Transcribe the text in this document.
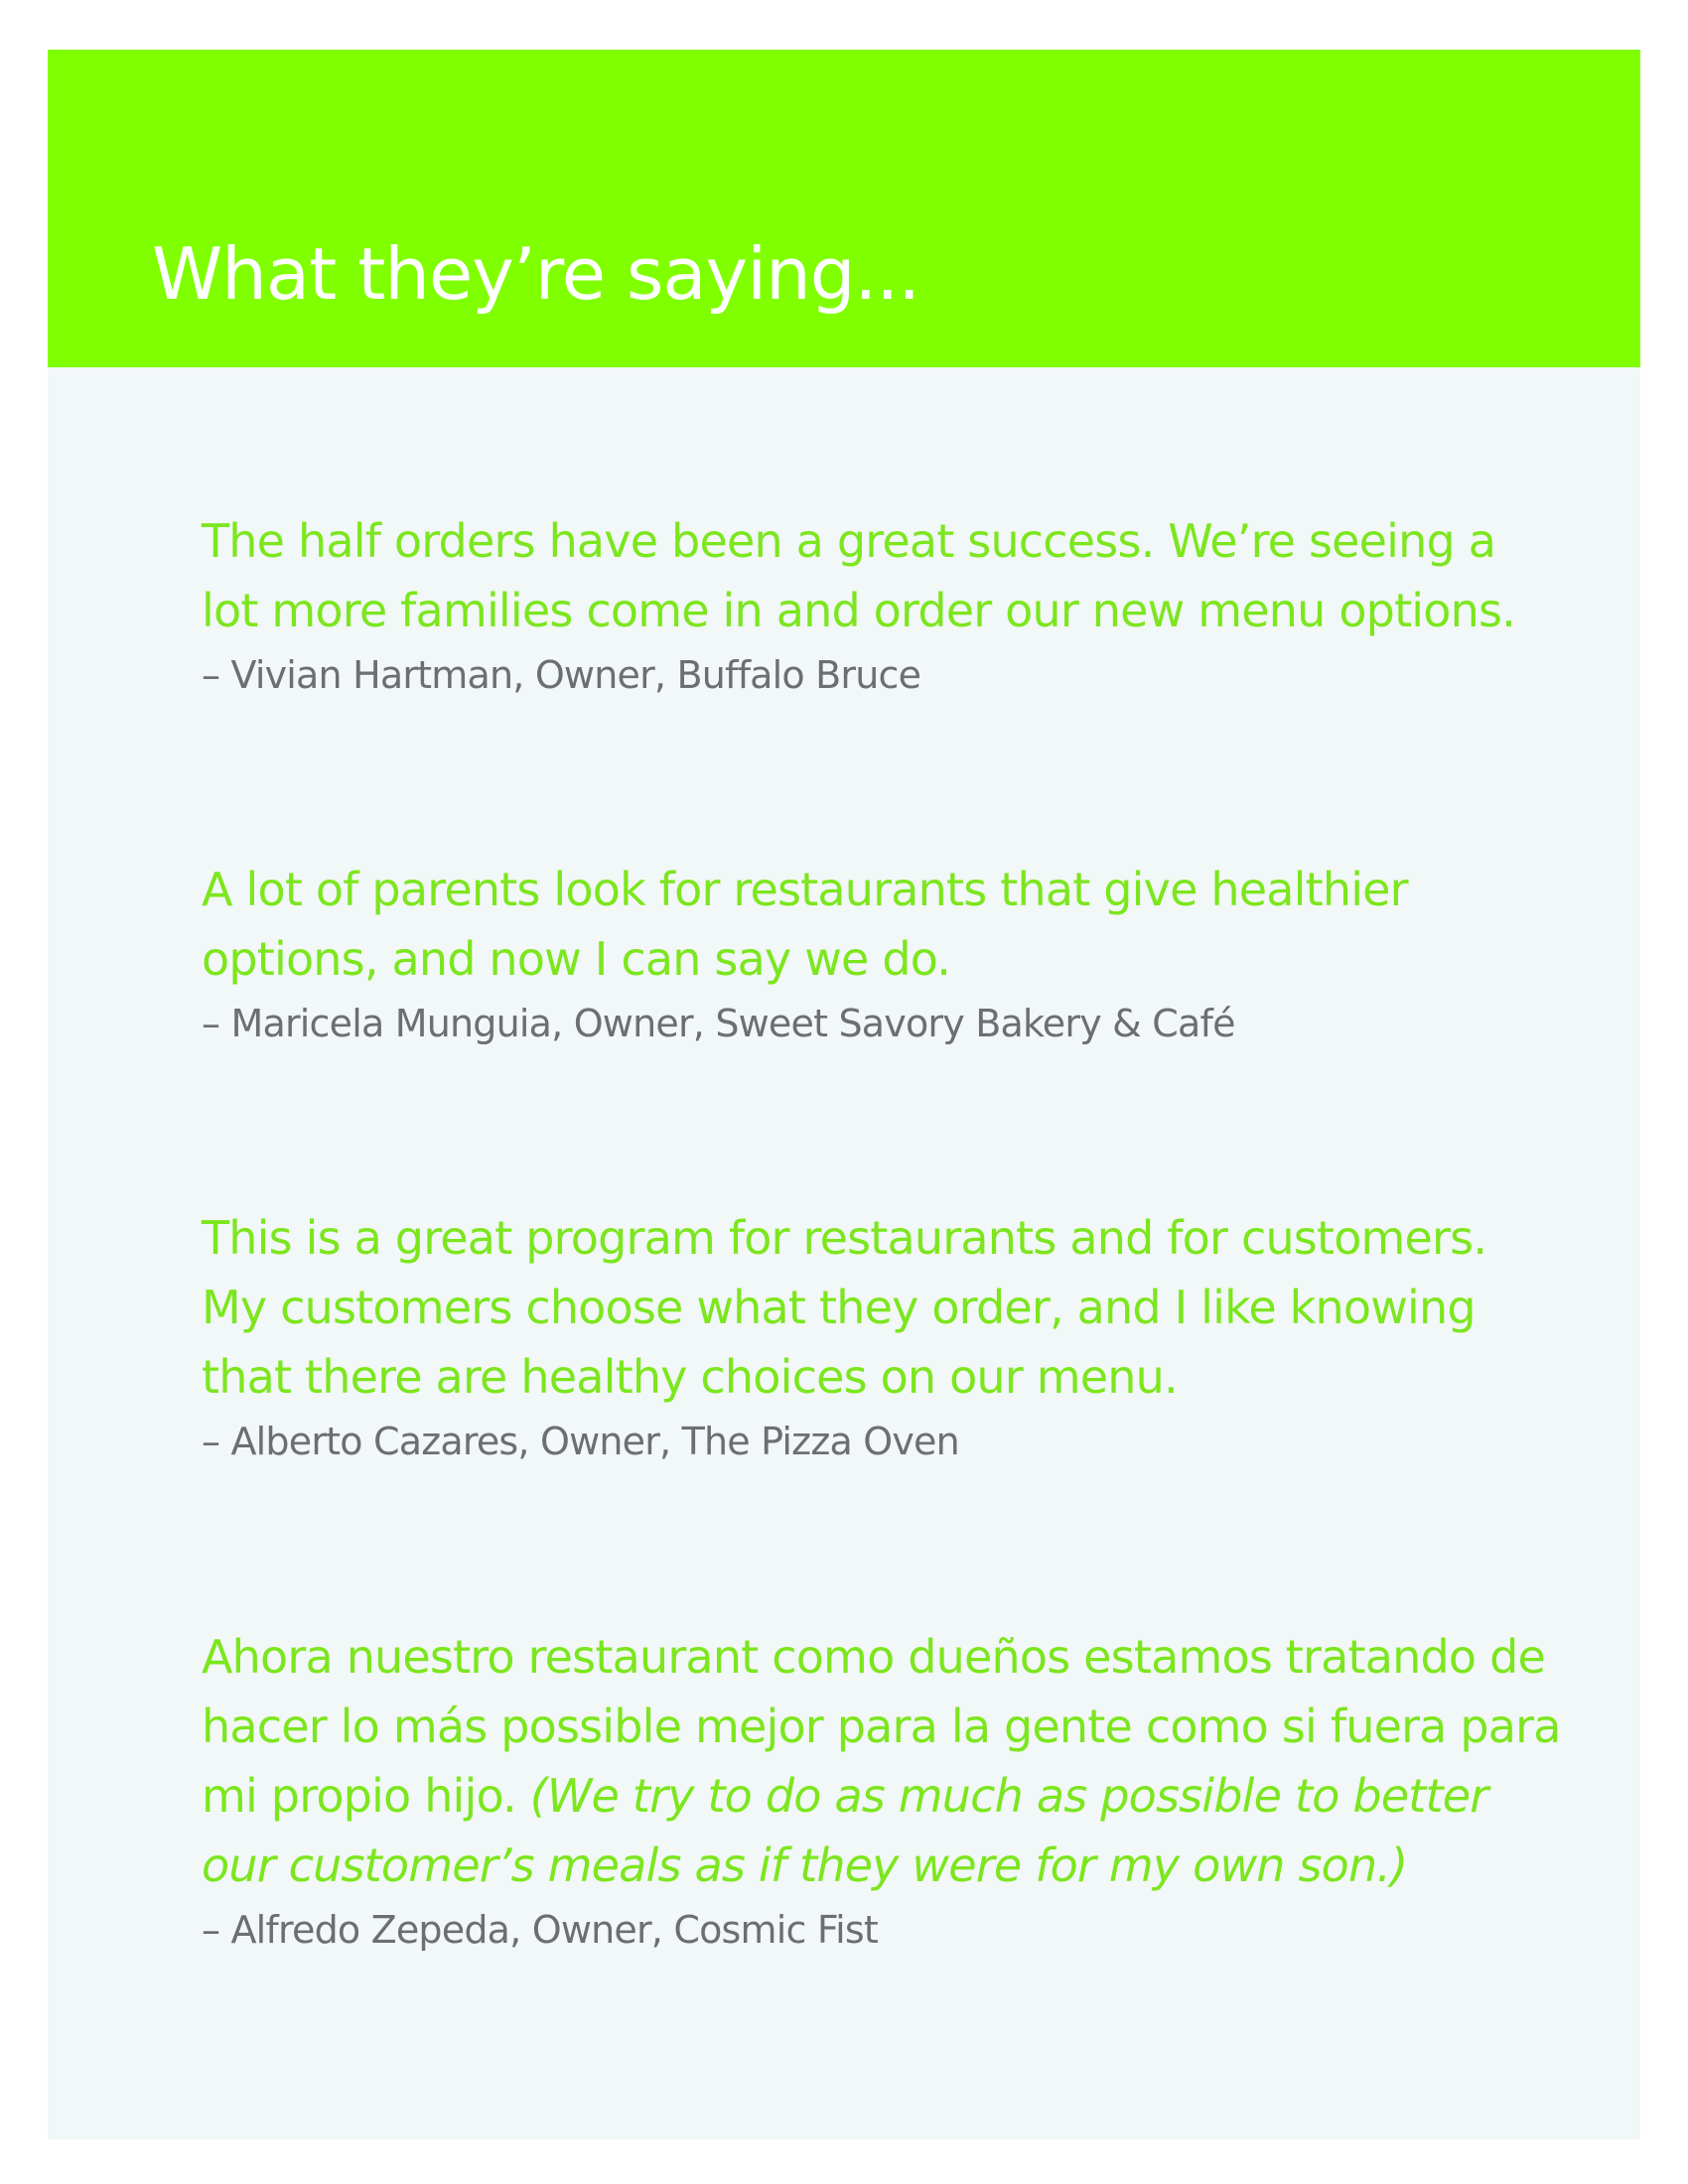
What they’re saying...
The half orders have been a great success. We’re seeing a
lot more families come in and order our new menu options.
– Vivian Hartman, Owner, Buffalo Bruce
A lot of parents look for restaurants that give healthier
options, and now I can say we do.
– Maricela Munguia, Owner, Sweet Savory Bakery & Café
This is a great program for restaurants and for customers.
My customers choose what they order, and I like knowing
that there are healthy choices on our menu.
– Alberto Cazares, Owner, The Pizza Oven
Ahora nuestro restaurant como dueños estamos tratando de
hacer lo más possible mejor para la gente como si fuera para
mi propio hijo. (We try to do as much as possible to better
our customer’s meals as if they were for my own son.)
– Alfredo Zepeda, Owner, Cosmic Fist
